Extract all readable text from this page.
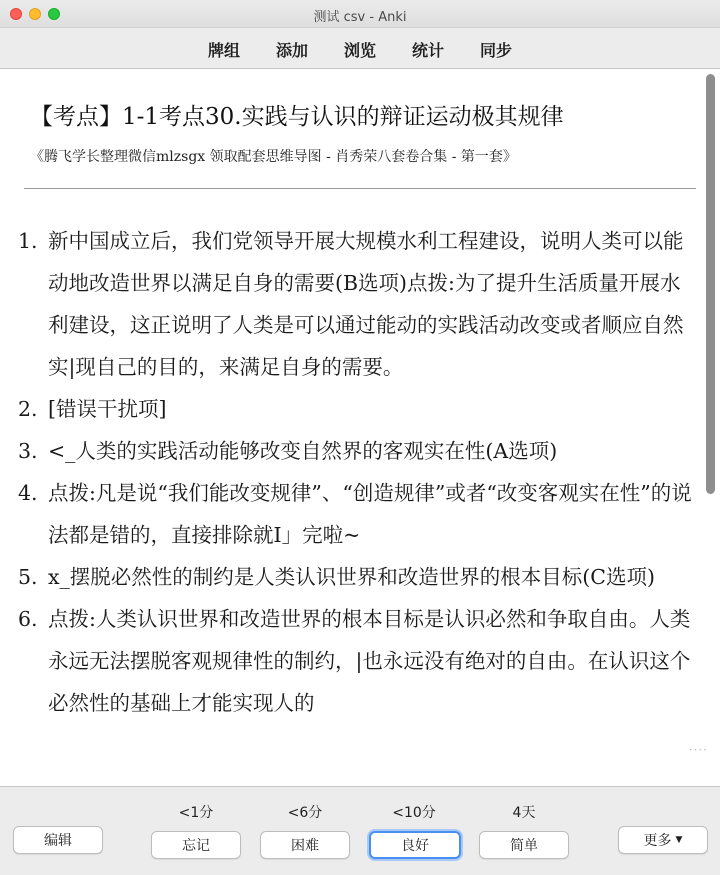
测试 csv - Anki
牌组	添加	浏览	统计	同步
【考点】1-1考点30.实践与认识的辩证运动极其规律
《腾飞学长整理微信mlzsgx 领取配套思维导图 - 肖秀荣八套卷合集 - 第一套》
1. 新中国成立后，我们党领导开展大规模水利工程建设，说明人类可以能动地改造世界以满足自身的需要(B选项)点拨:为了提升生活质量开展水利建设，这正说明了人类是可以通过能动的实践活动改变或者顺应自然实|现自己的目的，来满足自身的需要。
2. [错误干扰项]
3. <_人类的实践活动能够改变自然界的客观实在性(A选项)
4. 点拨:凡是说“我们能改变规律”、“创造规律”或者“改变客观实在性”的说法都是错的，直接排除就I」完啦~
5. x_摆脱必然性的制约是人类认识世界和改造世界的根本目标(C选项)
6. 点拨:人类认识世界和改造世界的根本目标是认识必然和争取自由。人类永远无法摆脱客观规律性的制约，|也永远没有绝对的自由。在认识这个必然性的基础上才能实现人的
····
编辑
<1分
忘记
<6分
困难
<10分
良好
4天
简单	更多 ▼
